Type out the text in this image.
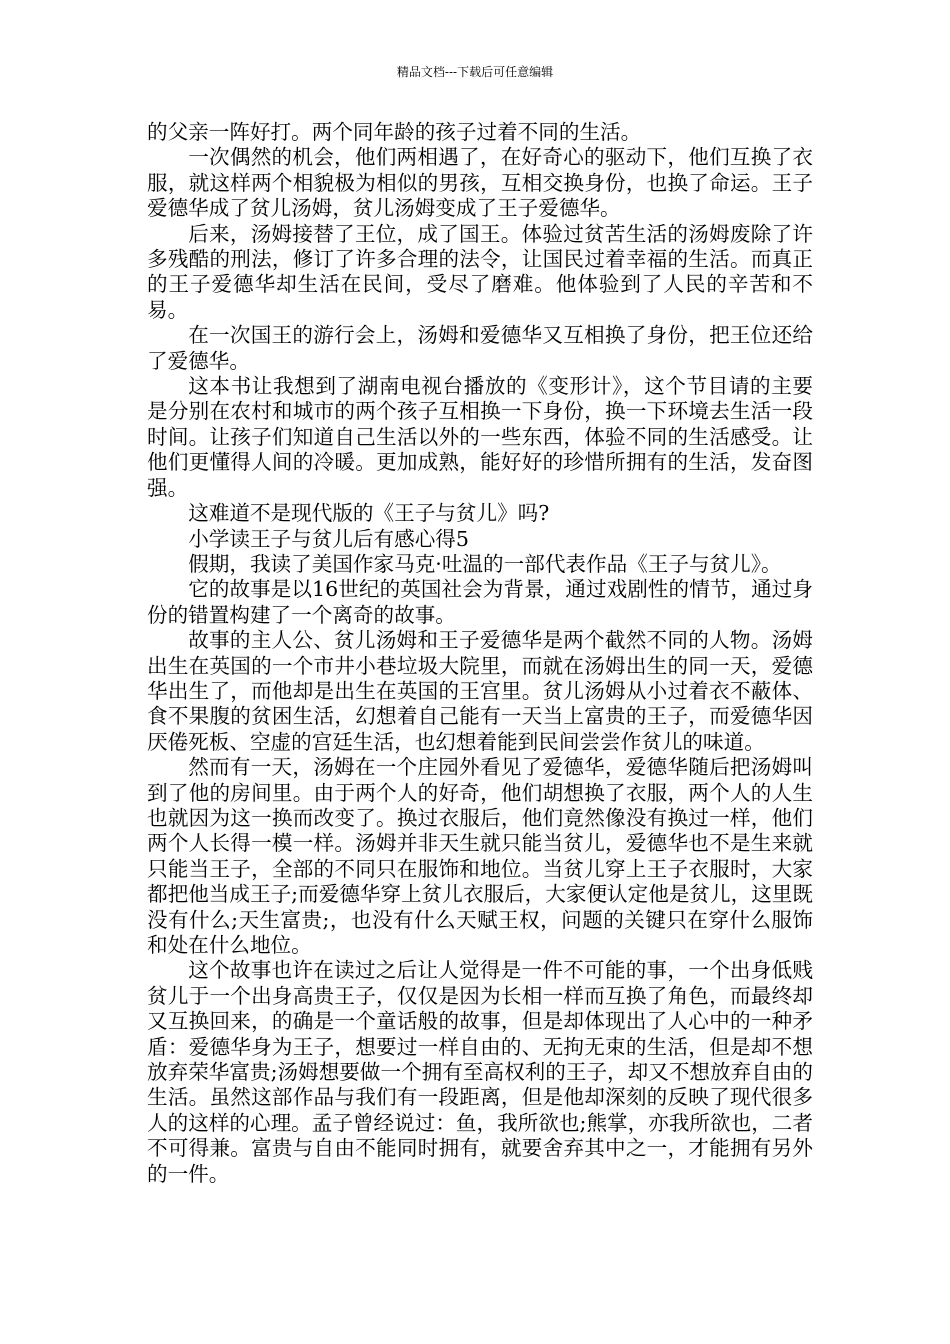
精品文档---下载后可任意编辑

的父亲一阵好打。两个同年龄的孩子过着不同的生活。

一次偶然的机会，他们两相遇了，在好奇心的驱动下，他们互换了衣服，就这样两个相貌极为相似的男孩，互相交换身份，也换了命运。王子爱德华成了贫儿汤姆，贫儿汤姆变成了王子爱德华。

后来，汤姆接替了王位，成了国王。体验过贫苦生活的汤姆废除了许多残酷的刑法，修订了许多合理的法令，让国民过着幸福的生活。而真正的王子爱德华却生活在民间，受尽了磨难。他体验到了人民的辛苦和不易。

在一次国王的游行会上，汤姆和爱德华又互相换了身份，把王位还给了爱德华。

这本书让我想到了湖南电视台播放的《变形计》，这个节目请的主要是分别在农村和城市的两个孩子互相换一下身份，换一下环境去生活一段时间。让孩子们知道自己生活以外的一些东西，体验不同的生活感受。让他们更懂得人间的冷暖。更加成熟，能好好的珍惜所拥有的生活，发奋图强。

这难道不是现代版的《王子与贫儿》吗?

小学读王子与贫儿后有感心得5

假期，我读了美国作家马克·吐温的一部代表作品《王子与贫儿》。

它的故事是以16世纪的英国社会为背景，通过戏剧性的情节，通过身份的错置构建了一个离奇的故事。

故事的主人公、贫儿汤姆和王子爱德华是两个截然不同的人物。汤姆出生在英国的一个市井小巷垃圾大院里，而就在汤姆出生的同一天，爱德华出生了，而他却是出生在英国的王宫里。贫儿汤姆从小过着衣不蔽体、食不果腹的贫困生活，幻想着自己能有一天当上富贵的王子，而爱德华因厌倦死板、空虚的宫廷生活，也幻想着能到民间尝尝作贫儿的味道。

然而有一天，汤姆在一个庄园外看见了爱德华，爱德华随后把汤姆叫到了他的房间里。由于两个人的好奇，他们胡想换了衣服，两个人的人生也就因为这一换而改变了。换过衣服后，他们竟然像没有换过一样，他们两个人长得一模一样。汤姆并非天生就只能当贫儿，爱德华也不是生来就只能当王子，全部的不同只在服饰和地位。当贫儿穿上王子衣服时，大家都把他当成王子;而爱德华穿上贫儿衣服后，大家便认定他是贫儿，这里既没有什么;天生富贵;，也没有什么天赋王权，问题的关键只在穿什么服饰和处在什么地位。

这个故事也许在读过之后让人觉得是一件不可能的事，一个出身低贱贫儿于一个出身高贵王子，仅仅是因为长相一样而互换了角色，而最终却又互换回来，的确是一个童话般的故事，但是却体现出了人心中的一种矛盾：爱德华身为王子，想要过一样自由的、无拘无束的生活，但是却不想放弃荣华富贵;汤姆想要做一个拥有至高权利的王子，却又不想放弃自由的生活。虽然这部作品与我们有一段距离，但是他却深刻的反映了现代很多人的这样的心理。孟子曾经说过：鱼，我所欲也;熊掌，亦我所欲也，二者不可得兼。富贵与自由不能同时拥有，就要舍弃其中之一，才能拥有另外的一件。
